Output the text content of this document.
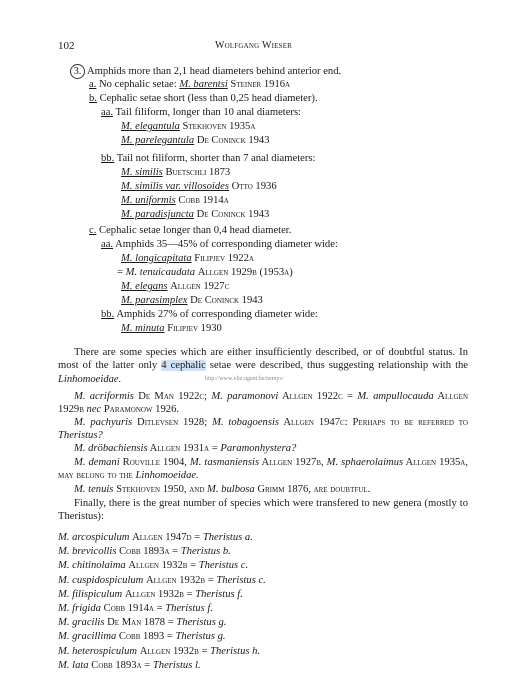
102	Wolfgang Wieser
3. Amphids more than 2,1 head diameters behind anterior end.
a. No cephalic setae: M. barentsi Steiner 1916a
b. Cephalic setae short (less than 0,25 head diameter).
aa. Tail filiform, longer than 10 anal diameters:
M. elegantula Stekhoven 1935a
M. parelegantula De Coninck 1943
bb. Tail not filiform, shorter than 7 anal diameters:
M. similis Buetschli 1873
M. similis var. villosoides Otto 1936
M. uniformis Cobb 1914a
M. paradisjuncta De Coninck 1943
c. Cephalic setae longer than 0,4 head diameter.
aa. Amphids 35—45% of corresponding diameter wide:
M. longicapitata Filipjev 1922a
= M. tenuicaudata Allgen 1929b (1953a)
M. elegans Allgen 1927c
M. parasimplex De Coninck 1943
bb. Amphids 27% of corresponding diameter wide:
M. minuta Filipjev 1930
There are some species which are either insufficiently described, or of doubtful status. In most of the latter only 4 cephalic setae were described, thus suggesting relationship with the Linhomoeidae.
M. acriformis De Man 1922c; M. paramonovi Allgen 1922c = M. ampullocauda Allgen 1929b nec Paramonow 1926.
http://www.vliz.ugent.be/nemys/
M. pachyuris Ditlevsen 1928; M. tobagoensis Allgen 1947c: Perhaps to be referred to Theristus?
M. dröbachiensis Allgen 1931a = Paramonhystera?
M. demani Rouville 1904, M. tasmaniensis Allgen 1927b, M. sphaerolaimus Allgen 1935a, may belong to the Linhomoeidae.
M. tenuis Stekhoven 1950, and M. bulbosa Grimm 1876, are doubtful.
Finally, there is the great number of species which were transfered to new genera (mostly to Theristus):
M. arcospiculum Allgen 1947d = Theristus a.
M. brevicollis Cobb 1893a = Theristus b.
M. chitinolaima Allgen 1932b = Theristus c.
M. cuspidospiculum Allgen 1932b = Theristus c.
M. filispiculum Allgen 1932b = Theristus f.
M. frigida Cobb 1914a = Theristus f.
M. gracilis De Man 1878 = Theristus g.
M. gracillima Cobb 1893 = Theristus g.
M. heterospiculum Allgen 1932b = Theristus h.
M. lata Cobb 1893a = Theristus l.
